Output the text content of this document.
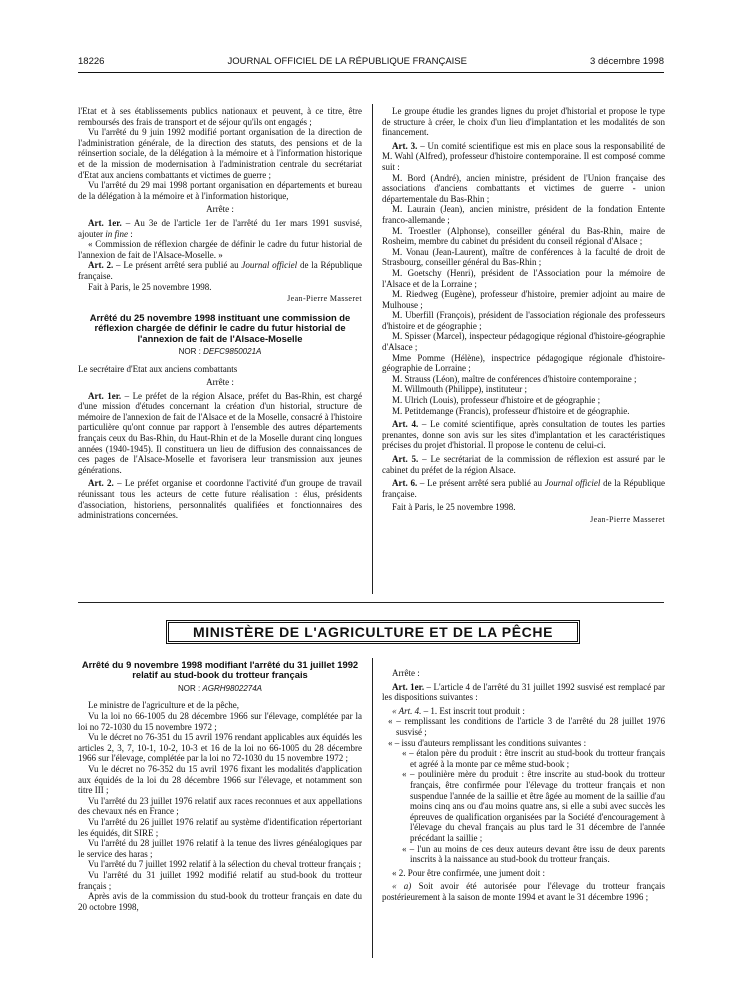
18226	JOURNAL OFFICIEL DE LA RÉPUBLIQUE FRANÇAISE	3 décembre 1998

l'Etat et à ses établissements publics nationaux et peuvent, à ce titre, être remboursés des frais de transport et de séjour qu'ils ont engagés ;

Vu l'arrêté du 9 juin 1992 modifié portant organisation de la direction de l'administration générale, de la direction des statuts, des pensions et de la réinsertion sociale, de la délégation à la mémoire et à l'information historique et de la mission de modernisation à l'administration centrale du secrétariat d'Etat aux anciens combattants et victimes de guerre ;

Vu l'arrêté du 29 mai 1998 portant organisation en départements et bureau de la délégation à la mémoire et à l'information historique,

Arrête :

Art. 1er. – Au 3e de l'article 1er de l'arrêté du 1er mars 1991 susvisé, ajouter in fine :

« Commission de réflexion chargée de définir le cadre du futur historial de l'annexion de fait de l'Alsace-Moselle. »

Art. 2. – Le présent arrêté sera publié au Journal officiel de la République française.

Fait à Paris, le 25 novembre 1998.

Jean-Pierre Masseret

Arrêté du 25 novembre 1998 instituant une commission de réflexion chargée de définir le cadre du futur historial de l'annexion de fait de l'Alsace-Moselle
NOR : DEFC9850021A

Le secrétaire d'Etat aux anciens combattants

Arrête :

Art. 1er. – Le préfet de la région Alsace, préfet du Bas-Rhin, est chargé d'une mission d'études concernant la création d'un historial, structure de mémoire de l'annexion de fait de l'Alsace et de la Moselle, consacré à l'histoire particulière qu'ont connue par rapport à l'ensemble des autres départements français ceux du Bas-Rhin, du Haut-Rhin et de la Moselle durant cinq longues années (1940-1945). Il constituera un lieu de diffusion des connaissances de ces pages de l'Alsace-Moselle et favorisera leur transmission aux jeunes générations.

Art. 2. – Le préfet organise et coordonne l'activité d'un groupe de travail réunissant tous les acteurs de cette future réalisation : élus, présidents d'association, historiens, personnalités qualifiées et fonctionnaires des administrations concernées.

Le groupe étudie les grandes lignes du projet d'historial et propose le type de structure à créer, le choix d'un lieu d'implantation et les modalités de son financement.

Art. 3. – Un comité scientifique est mis en place sous la responsabilité de M. Wahl (Alfred), professeur d'histoire contemporaine. Il est composé comme suit :

M. Bord (André), ancien ministre, président de l'Union française des associations d'anciens combattants et victimes de guerre - union départementale du Bas-Rhin ;

M. Laurain (Jean), ancien ministre, président de la fondation Entente franco-allemande ;

M. Troestler (Alphonse), conseiller général du Bas-Rhin, maire de Rosheim, membre du cabinet du président du conseil régional d'Alsace ;

M. Vonau (Jean-Laurent), maître de conférences à la faculté de droit de Strasbourg, conseiller général du Bas-Rhin ;

M. Goetschy (Henri), président de l'Association pour la mémoire de l'Alsace et de la Lorraine ;

M. Riedweg (Eugène), professeur d'histoire, premier adjoint au maire de Mulhouse ;

M. Uberfill (François), président de l'association régionale des professeurs d'histoire et de géographie ;

M. Spisser (Marcel), inspecteur pédagogique régional d'histoire-géographie d'Alsace ;

Mme Pomme (Hélène), inspectrice pédagogique régionale d'histoire-géographie de Lorraine ;

M. Strauss (Léon), maître de conférences d'histoire contemporaine ;

M. Willmouth (Philippe), instituteur ;

M. Ulrich (Louis), professeur d'histoire et de géographie ;

M. Petitdemange (Francis), professeur d'histoire et de géographie.

Art. 4. – Le comité scientifique, après consultation de toutes les parties prenantes, donne son avis sur les sites d'implantation et les caractéristiques précises du projet d'historial. Il propose le contenu de celui-ci.

Art. 5. – Le secrétariat de la commission de réflexion est assuré par le cabinet du préfet de la région Alsace.

Art. 6. – Le présent arrêté sera publié au Journal officiel de la République française.

Fait à Paris, le 25 novembre 1998.

Jean-Pierre Masseret

MINISTÈRE DE L'AGRICULTURE ET DE LA PÊCHE
Arrêté du 9 novembre 1998 modifiant l'arrêté du 31 juillet 1992 relatif au stud-book du trotteur français
NOR : AGRH9802274A

Le ministre de l'agriculture et de la pêche,

Vu la loi no 66-1005 du 28 décembre 1966 sur l'élevage, complétée par la loi no 72-1030 du 15 novembre 1972 ;

Vu le décret no 76-351 du 15 avril 1976 rendant applicables aux équidés les articles 2, 3, 7, 10-1, 10-2, 10-3 et 16 de la loi no 66-1005 du 28 décembre 1966 sur l'élevage, complétée par la loi no 72-1030 du 15 novembre 1972 ;

Vu le décret no 76-352 du 15 avril 1976 fixant les modalités d'application aux équidés de la loi du 28 décembre 1966 sur l'élevage, et notamment son titre III ;

Vu l'arrêté du 23 juillet 1976 relatif aux races reconnues et aux appellations des chevaux nés en France ;

Vu l'arrêté du 26 juillet 1976 relatif au système d'identification répertoriant les équidés, dit SIRE ;

Vu l'arrêté du 28 juillet 1976 relatif à la tenue des livres généalogiques par le service des haras ;

Vu l'arrêté du 7 juillet 1992 relatif à la sélection du cheval trotteur français ;

Vu l'arrêté du 31 juillet 1992 modifié relatif au stud-book du trotteur français ;

Après avis de la commission du stud-book du trotteur français en date du 20 octobre 1998,

Arrête :

Art. 1er. – L'article 4 de l'arrêté du 31 juillet 1992 susvisé est remplacé par les dispositions suivantes :

« Art. 4. – 1. Est inscrit tout produit :

« – remplissant les conditions de l'article 3 de l'arrêté du 28 juillet 1976 susvisé ;

« – issu d'auteurs remplissant les conditions suivantes :

« – étalon père du produit : être inscrit au stud-book du trotteur français et agréé à la monte par ce même stud-book ;

« – poulinière mère du produit : être inscrite au stud-book du trotteur français, être confirmée pour l'élevage du trotteur français et non suspendue l'année de la saillie et être âgée au moment de la saillie d'au moins cinq ans ou d'au moins quatre ans, si elle a subi avec succès les épreuves de qualification organisées par la Société d'encouragement à l'élevage du cheval français au plus tard le 31 décembre de l'année précédant la saillie ;

« – l'un au moins de ces deux auteurs devant être issu de deux parents inscrits à la naissance au stud-book du trotteur français.

« 2. Pour être confirmée, une jument doit :

« a) Soit avoir été autorisée pour l'élevage du trotteur français postérieurement à la saison de monte 1994 et avant le 31 décembre 1996 ;
